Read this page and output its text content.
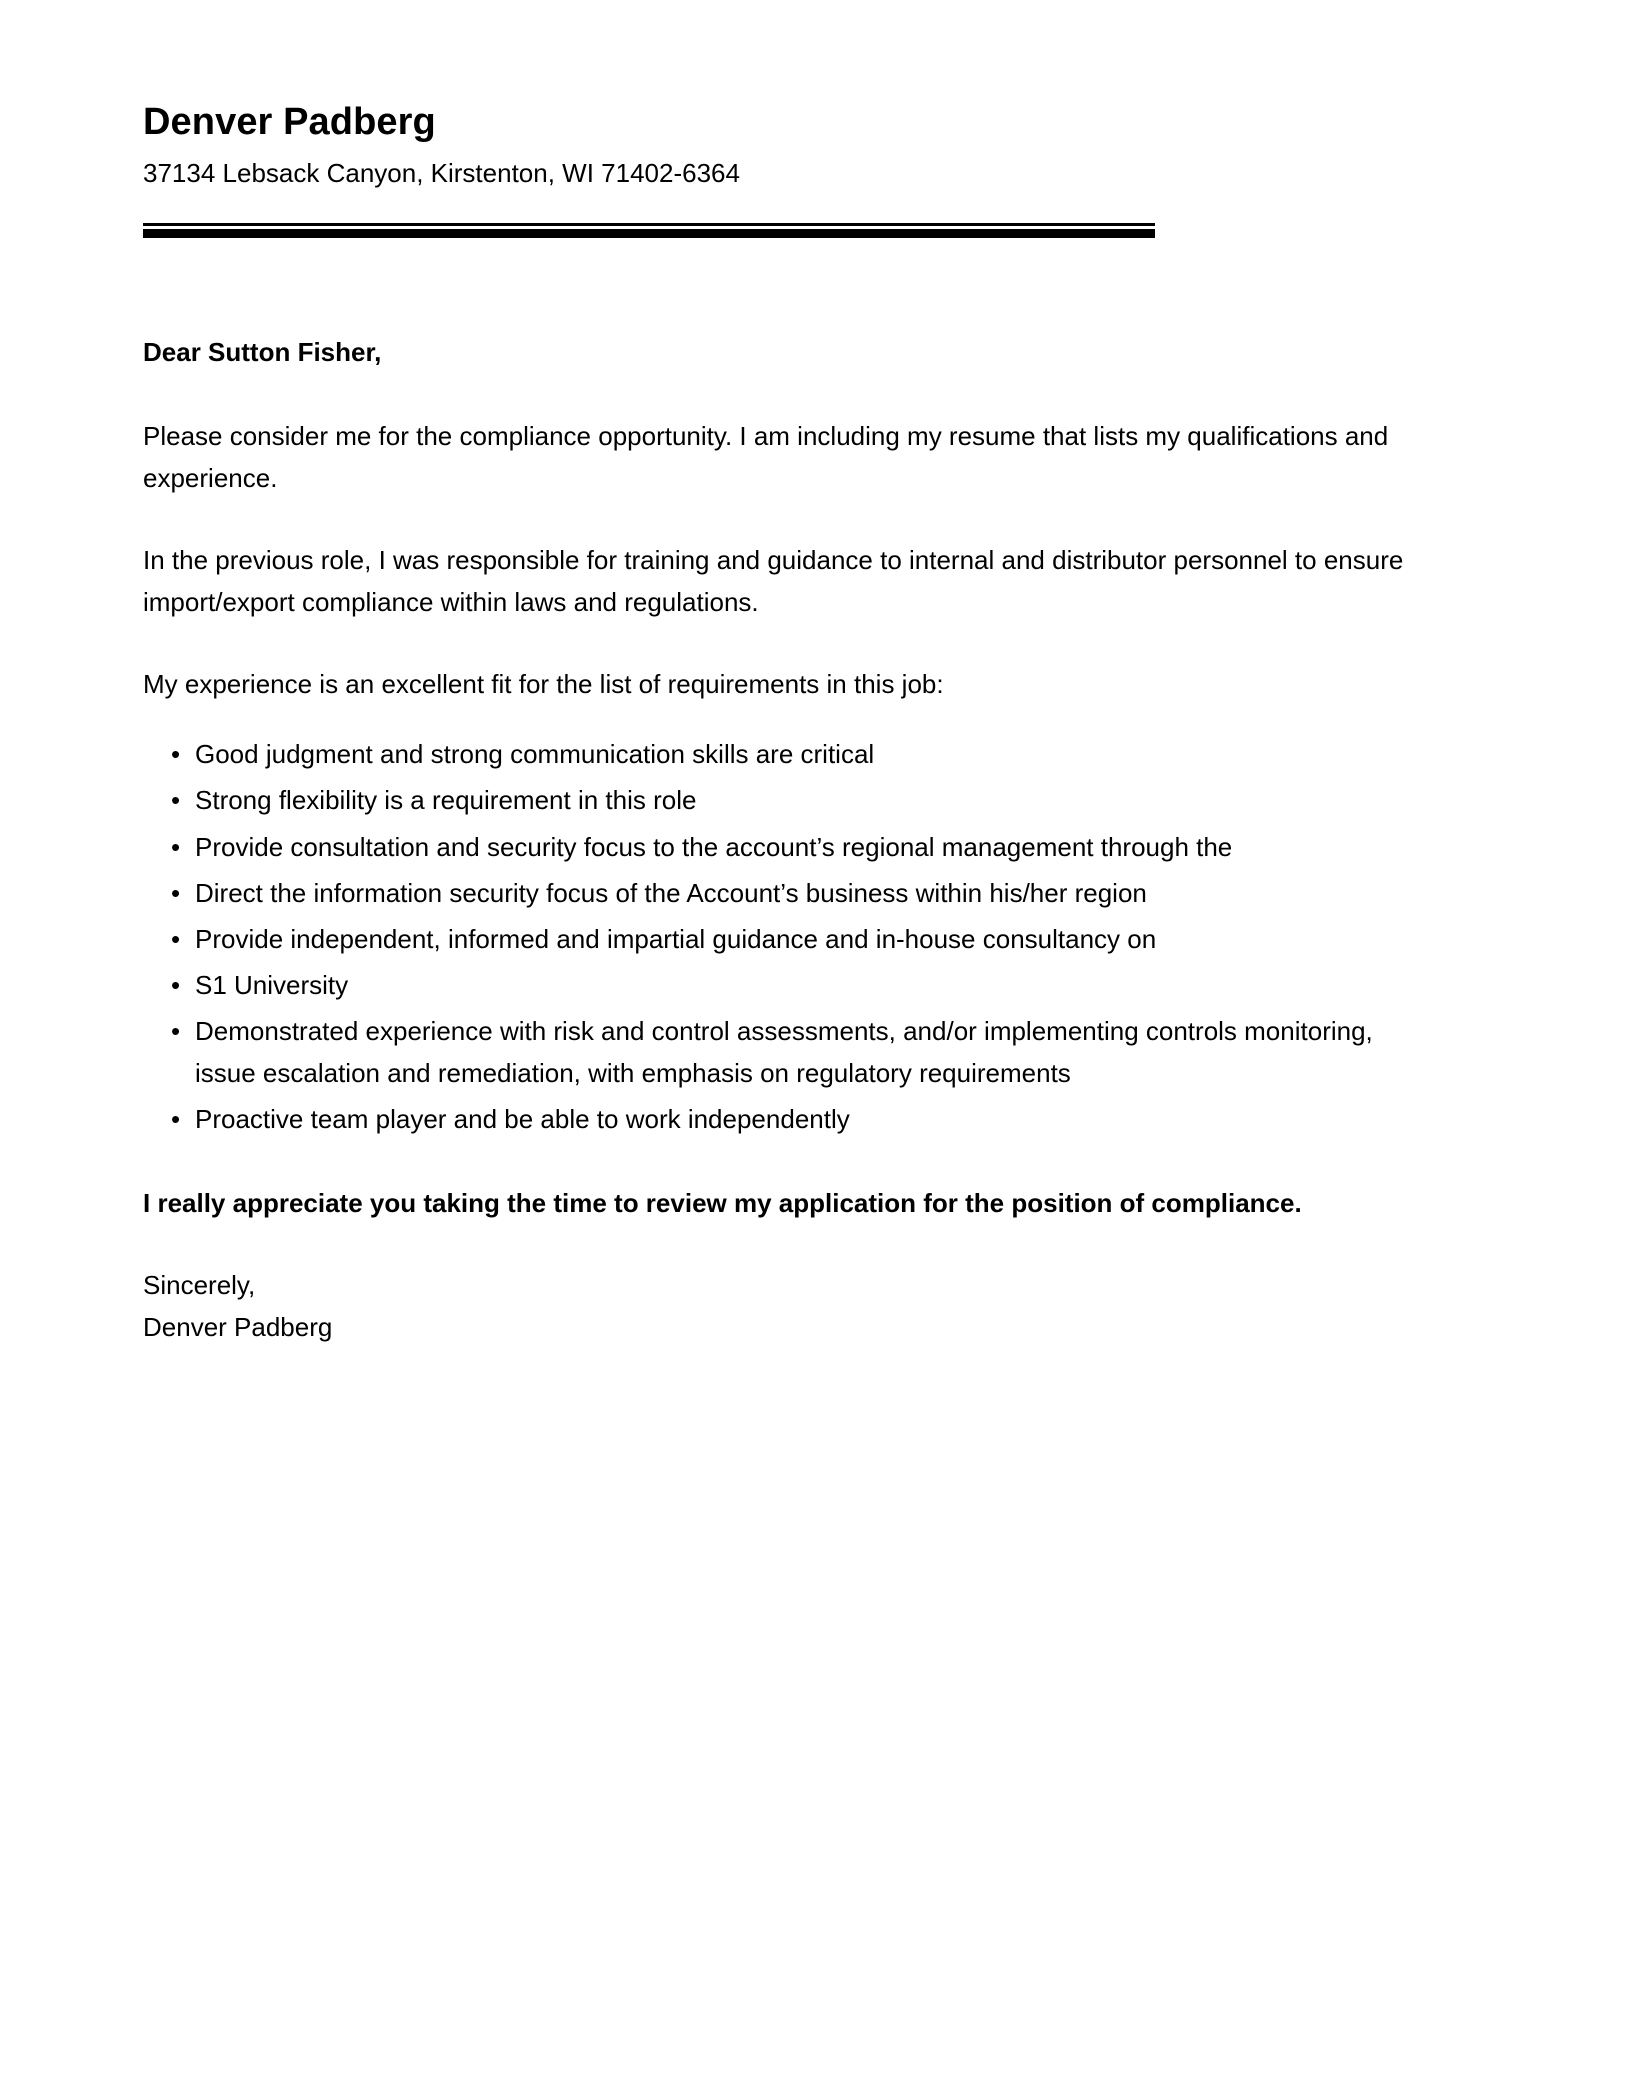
Denver Padberg
37134 Lebsack Canyon, Kirstenton, WI 71402-6364

Dear Sutton Fisher,

Please consider me for the compliance opportunity. I am including my resume that lists my qualifications and experience.

In the previous role, I was responsible for training and guidance to internal and distributor personnel to ensure import/export compliance within laws and regulations.

My experience is an excellent fit for the list of requirements in this job:

• Good judgment and strong communication skills are critical
• Strong flexibility is a requirement in this role
• Provide consultation and security focus to the account’s regional management through the
• Direct the information security focus of the Account’s business within his/her region
• Provide independent, informed and impartial guidance and in-house consultancy on
• S1 University
• Demonstrated experience with risk and control assessments, and/or implementing controls monitoring, issue escalation and remediation, with emphasis on regulatory requirements
• Proactive team player and be able to work independently

I really appreciate you taking the time to review my application for the position of compliance.

Sincerely,
Denver Padberg
